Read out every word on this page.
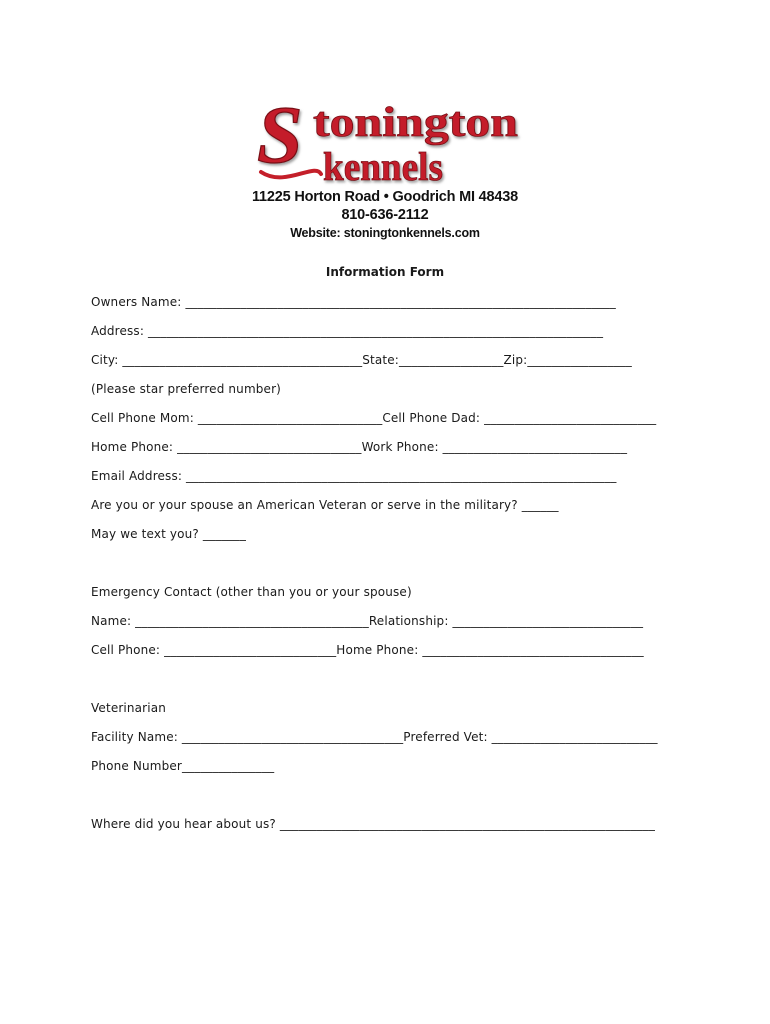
S tonington
kennels
11225 Horton Road • Goodrich MI 48438
810-636-2112
Website: stoningtonkennels.com
Information Form
Owners Name: ______________________________________________________________________
Address: __________________________________________________________________________
City: _______________________________________State:_________________Zip:_________________
(Please star preferred number)
Cell Phone Mom: ______________________________Cell Phone Dad: ____________________________
Home Phone: ______________________________Work Phone: ______________________________
Email Address: ______________________________________________________________________
Are you or your spouse an American Veteran or serve in the military? ______
May we text you? _______
Emergency Contact (other than you or your spouse)
Name: ______________________________________Relationship: _______________________________
Cell Phone: ____________________________Home Phone: ____________________________________
Veterinarian
Facility Name: ____________________________________Preferred Vet: ___________________________
Phone Number_______________
Where did you hear about us? _____________________________________________________________
